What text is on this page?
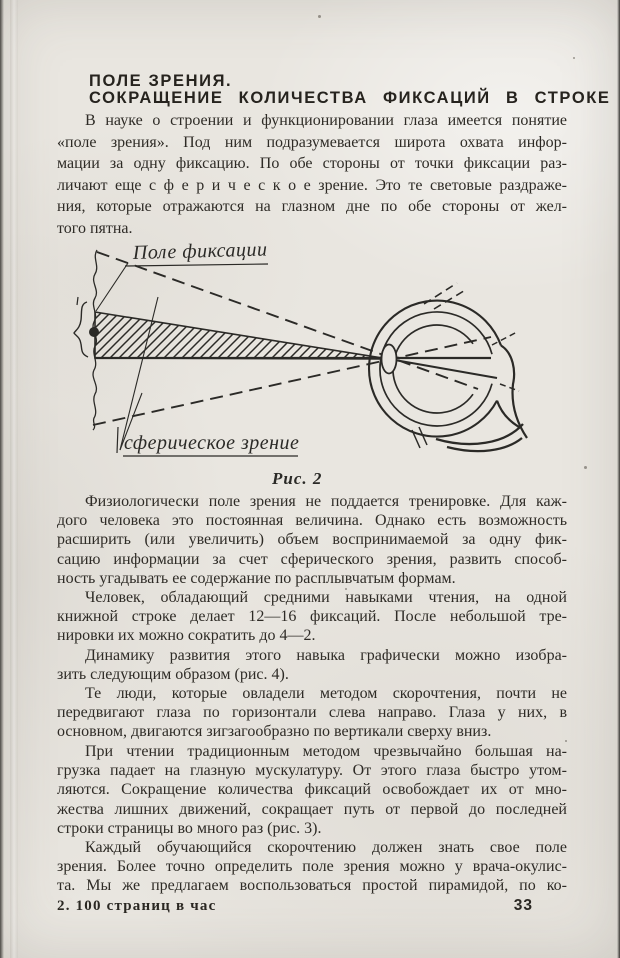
ПОЛЕ ЗРЕНИЯ.
СОКРАЩЕНИЕ КОЛИЧЕСТВА ФИКСАЦИЙ В СТРОКЕ
В науке о строении и функционировании глаза имеется понятие
«поле зрения». Под ним подразумевается широта охвата инфор-
мации за одну фиксацию. По обе стороны от точки фиксации раз-
личают еще с ф е р и ч е с к о е зрение. Это те световые раздраже-
ния, которые отражаются на глазном дне по обе стороны от жел-
того пятна.
Физиологически поле зрения не поддается тренировке. Для каж-
дого человека это постоянная величина. Однако есть возможность
расширить (или увеличить) объем воспринимаемой за одну фик-
сацию информации за счет сферического зрения, развить способ-
ность угадывать ее содержание по расплывчатым формам.
Человек, обладающий средними навыками чтения, на одной
книжной строке делает 12—16 фиксаций. После небольшой тре-
нировки их можно сократить до 4—2.
Динамику развития этого навыка графически можно изобра-
зить следующим образом (рис. 4).
Те люди, которые овладели методом скорочтения, почти не
передвигают глаза по горизонтали слева направо. Глаза у них, в
основном, двигаются зигзагообразно по вертикали сверху вниз.
При чтении традиционным методом чрезвычайно большая на-
грузка падает на глазную мускулатуру. От этого глаза быстро утом-
ляются. Сокращение количества фиксаций освобождает их от мно-
жества лишних движений, сокращает путь от первой до последней
строки страницы во много раз (рис. 3).
Каждый обучающийся скорочтению должен знать свое поле
зрения. Более точно определить поле зрения можно у врача-окулис-
та. Мы же предлагаем воспользоваться простой пирамидой, по ко-
Поле фиксации
сферическое зрение
Рис. 2
2. 100 страниц в час	33
